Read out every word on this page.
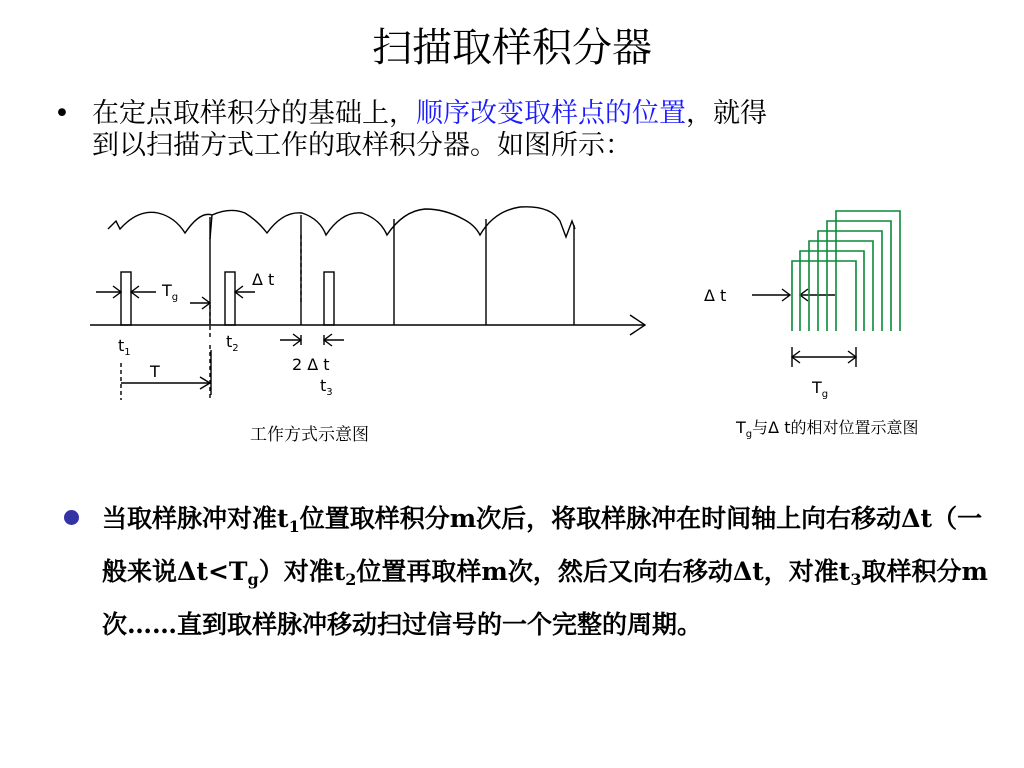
扫描取样积分器
• 在定点取样积分的基础上，顺序改变取样点的位置，就得
到以扫描方式工作的取样积分器。如图所示：
$T_g$
Δ t
$t_1$
$t_2$
2 Δ t
$t_3$
T
工作方式示意图
Δ t
$T_g$
$T_g$与Δ t的相对位置示意图
当取样脉冲对准$t_1$位置取样积分m次后，将取样脉冲在时间轴上向右移动Δt（一般来说$\Delta t<T_g$）对准$t_2$位置再取样m次，然后又向右移动Δt，对准$t_3$取样积分m次……直到取样脉冲移动扫过信号的一个完整的周期。
